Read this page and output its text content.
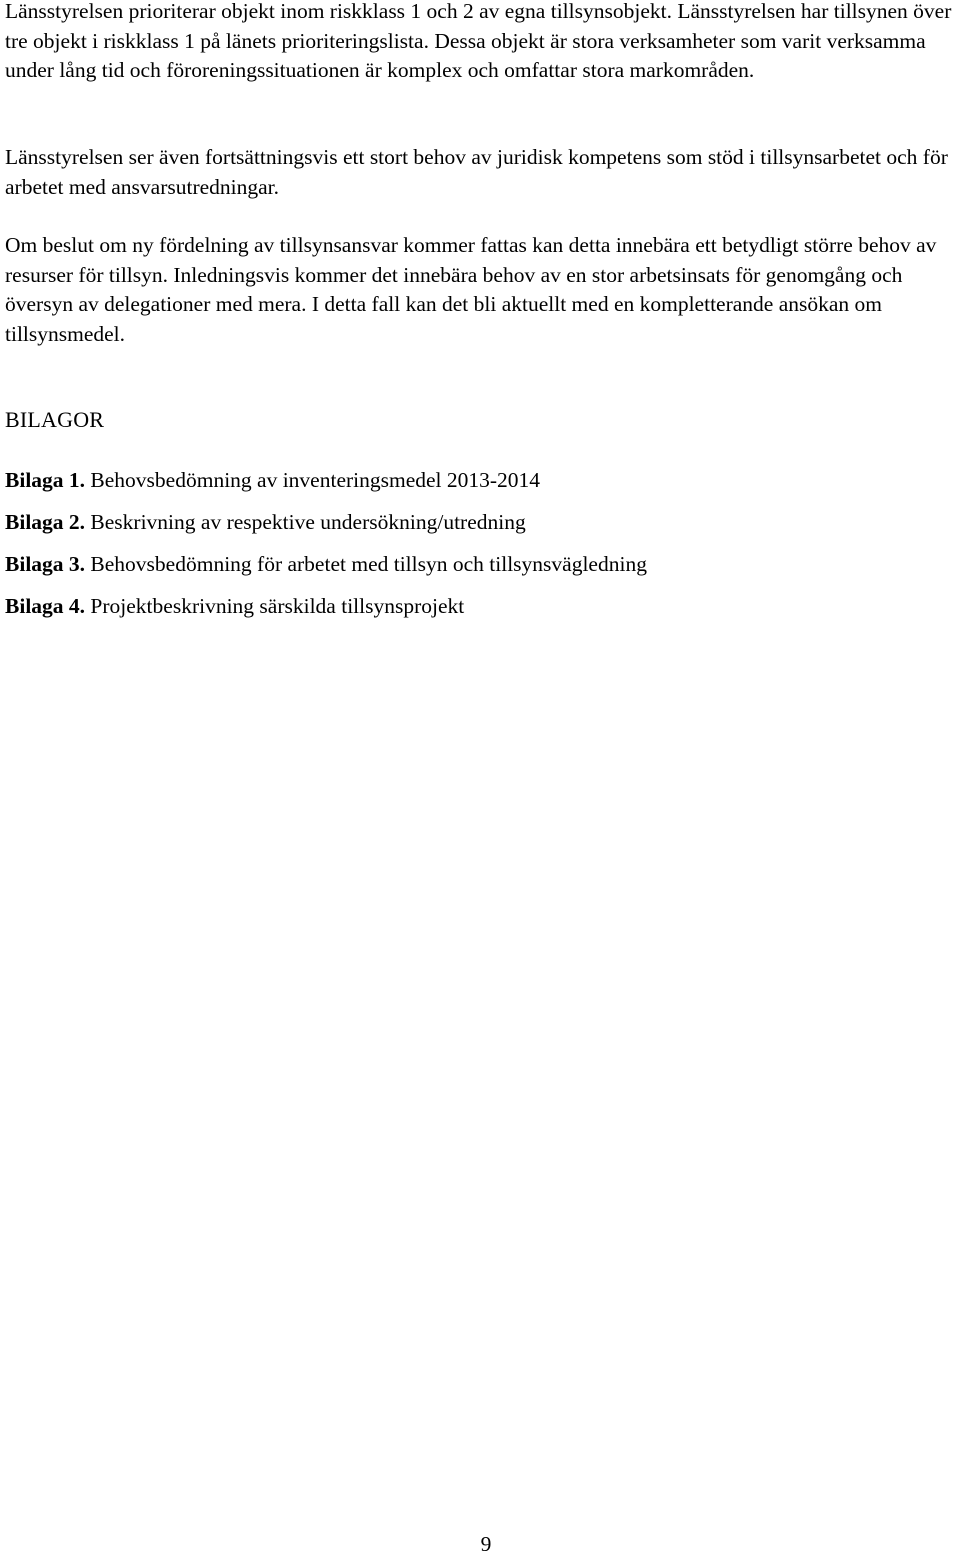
Länsstyrelsen prioriterar objekt inom riskklass 1 och 2 av egna tillsynsobjekt. Länsstyrelsen har tillsynen över tre objekt i riskklass 1 på länets prioriteringslista. Dessa objekt är stora verksamheter som varit verksamma under lång tid och föroreningssituationen är komplex och omfattar stora markområden.

Länsstyrelsen ser även fortsättningsvis ett stort behov av juridisk kompetens som stöd i tillsynsarbetet och för arbetet med ansvarsutredningar.

Om beslut om ny fördelning av tillsynsansvar kommer fattas kan detta innebära ett betydligt större behov av resurser för tillsyn. Inledningsvis kommer det innebära behov av en stor arbetsinsats för genomgång och översyn av delegationer med mera. I detta fall kan det bli aktuellt med en kompletterande ansökan om tillsynsmedel.

BILAGOR
Bilaga 1. Behovsbedömning av inventeringsmedel 2013-2014
Bilaga 2. Beskrivning av respektive undersökning/utredning
Bilaga 3. Behovsbedömning för arbetet med tillsyn och tillsynsvägledning
Bilaga 4. Projektbeskrivning särskilda tillsynsprojekt
9
